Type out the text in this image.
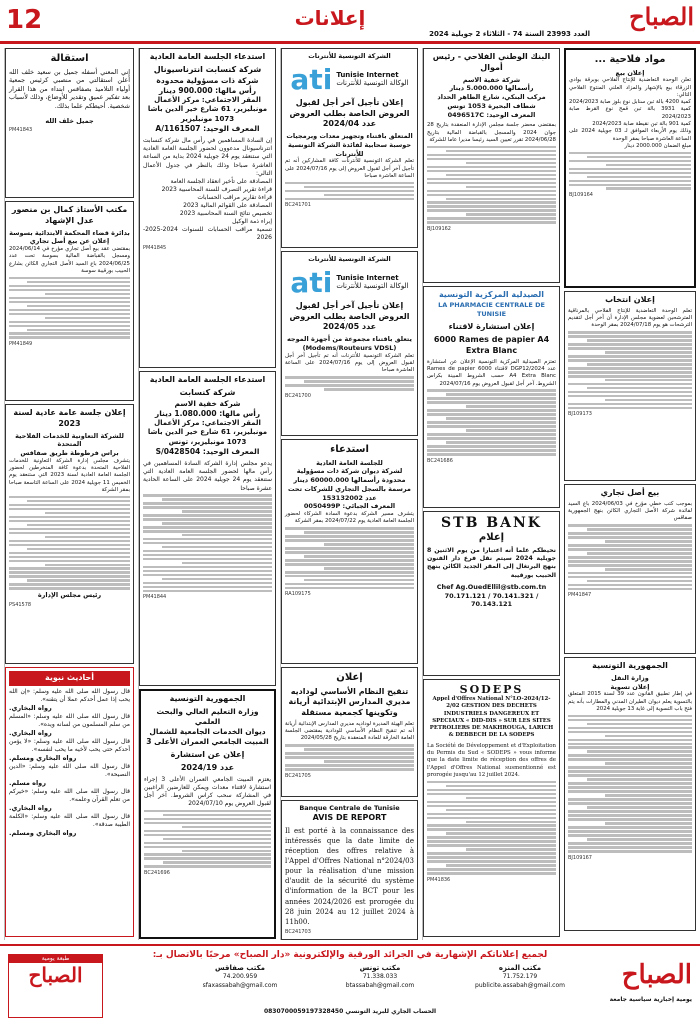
12	إعلانات	الصباح
العدد 23993 السنة 74 - الثلاثاء 2 جويلية 2024
مواد فلاحية ...
إعلان بيع
تعلن الوحدة التعاضدية للإنتاج الفلاحي بوبرقة بوادي الزرقاء بيع بالإشهار والمزاد العلني المنتوج الفلاحي التالي:
كمية 4200 بالة تبن سنابل نوع بلوز صابة 2024/2023
كمية 3931 بالة تبن قمح نوع القرط صابة 2024/2023
كمية 901 بالة تبن نقيطة صابة 2024/2023
وذلك يوم الأربعاء الموافق لـ 03 جويلية 2024 على الساعة العاشرة صباحا بمقر الوحدة
مبلغ الضمان 2000.000 دينار
BJ109164
إعلان انتخاب
تعلم الوحدة التعاضدية للإنتاج الفلاحي بالمرناقية المترشحين لعضوية مجلس الإدارة أن آخر أجل لتقديم الترشحات هو يوم 2024/07/18 بمقر الوحدة
BJ109173
بيع أصل تجاري
بموجب كتب خطي مؤرخ في 2024/06/03 باع السيد لفائدة شركة الأصل التجاري الكائن بنهج الجمهورية صفاقس
PM41847
الجمهورية التونسية
وزارة النقل
إعلان تسوية
في إطار تطبيق القانون عدد 39 لسنة 2015 المتعلق بالتسوية يعلم ديوان الطيران المدني والمطارات بأنه يتم فتح باب التسوية إلى غاية 13 جويلية 2024
BJ109167
البنك الوطني الفلاحي - رئيس أموال
شركة خفية الاسم
رأسمالها 5.000.000 دينار
مركب البنكي، شارع الطاهر الحداد شطاف البحيرة 1053 تونس
المعرف الوحيد: 0496517C
بمقتضى محضر جلسة مجلس الإدارة المنعقدة بتاريخ 28 جوان 2024 والمسجل بالقباضة المالية بتاريخ 2024/06/28 تقرر تعيين السيد رئيسا مديرا عاما للشركة
BJ109162
الصيدلية المركزية التونسية
LA PHARMACIE CENTRALE DE TUNISIE
إعلان استشارة لاقتناء
6000 Rames de papier A4 Extra Blanc
تعتزم الصيدلية المركزية التونسية الإعلان عن استشارة عدد 2024/DGP12 لاقتناء 6000 Rames de papier A4 Extra Blanc حسب الشروط المبينة بكراس الشروط. آخر أجل لقبول العروض يوم 2024/07/16
BC241686
STB BANK
إعلام
نحيطكم علما أنه اعتبارا من يوم الاثنين 8 جويلية 2024 سيتم نقل فرع دار الفنون بنهج البرتغال إلى المقر الجديد الكائن بنهج الحبيب بورقيبة
Chef Ag.OuedEllil@stb.com.tn
70.171.121 / 70.141.321 / 70.143.121
SODEPS
Appel d'Offres National N°LO-2024/12-2/02 GESTION DES DECHETS INDUSTRIELS DANGEREUX ET SPECIAUX « DID-DIS » SUR LES SITES PETROLIERS DE MAKHROUGA, LARICH & DEBBECH DE LA SODEPS
La Société de Développement et d'Exploitation du Permis du Sud « SODEPS » vous informe que la date limite de réception des offres de l'Appel d'Offres National susmentionné est prorogée jusqu'au 12 juillet 2024.
PM41836
الشركة التونسية للأنترنات
ati Tunisie Internet
الوكالة التونسية للأنترنات
إعلان تأجيل آخر أجل لقبول العروض الخاصة بطلب العروض عدد 2024/04
المتعلق باقتناء وتجهيز معدات وبرمجيات حوسبة سحابية لفائدة الشركة التونسية للأنترنات
تعلم الشركة التونسية للأنترنات كافة المشاركين أنه تم تأجيل آخر أجل لقبول العروض إلى يوم 2024/07/16 على الساعة العاشرة صباحا
BC241701
الشركة التونسية للأنترنات
ati Tunisie Internet
الوكالة التونسية للأنترنات
إعلان تأجيل آخر أجل لقبول العروض الخاصة بطلب العروض عدد 2024/05
يتعلق باقتناء مجموعة من أجهزة الموجه (Modems/Routeurs VDSL)
تعلم الشركة التونسية للأنترنات أنه تم تأجيل آخر أجل لقبول العروض إلى يوم 2024/07/16 على الساعة العاشرة صباحا
BC241700
استدعاء
للجلسة العامة العادية
لشركة ديوان شركة ذات مسؤولية محدودة رأسمالها 60000.000 دينار
مرسمة بالسجل التجاري للشركات تحت عدد 153132002
المعرف الجبائي: 0050499P
يتشرف مسير الشركة بدعوة السادة الشركاء لحضور الجلسة العامة العادية يوم 2024/07/22 بمقر الشركة
RA109175
إعلان
تنقيح النظام الأساسي لوداديه مديري المدارس الإبتدائية أريانة وتكوينها كجمعية مستقلة
تعلم الهيئة المديرة لوداديه مديري المدارس الإبتدائية أريانة أنه تم تنقيح النظام الأساسي للودادية بمقتضى الجلسة العامة الخارقة للعادة المنعقدة بتاريخ 2024/05/28
BC241705
Banque Centrale de Tunisie
AVIS DE REPORT
Il est porté à la connaissance des intéressés que la date limite de réception des offres relative à l'Appel d'Offres National n°2024/03 pour la réalisation d'une mission d'audit de la sécurité du système d'information de la BCT pour les années 2024/2026 est prorogée du 28 juin 2024 au 12 juillet 2024 à 11h00.
BC241703
استدعاء الجلسة العامة العادية
شركة كنسابت انترناسيونال
شركة ذات مسؤولية محدودة
رأس مالها: 900.000 دينار
المقر الاجتماعي: مركز الأعمال مونبليزير، 61 شارع خير الدين باشا 1073 مونبليزير
المعرف الوحيد: 1161507/A
إن السادة المساهمين في رأس مال شركة كنسابت انترناسيونال مدعوون لحضور الجلسة العامة العادية التي ستنعقد يوم 24 جويلية 2024 بداية من الساعة العاشرة صباحا وذلك بالنظر في جدول الأعمال التالي:
المصادقة على تأخير انعقاد الجلسة العامة
قراءة تقرير التصرف للسنة المحاسبية 2023
قراءة تقارير مراقب الحسابات
المصادقة على القوائم المالية 2023
تخصيص نتائج السنة المحاسبية 2023
إبراء ذمة الوكيل
تسمية مراقب الحسابات للسنوات 2024-2025-2026
PM41845
استدعاء الجلسة العامة العادية
شركة كنسابت
شركة خفية الاسم
رأس مالها: 1.080.000 دينار
المقر الاجتماعي: مركز الأعمال مونبليزير، 61 شارع خير الدين باشا 1073 مونبليزير، تونس
المعرف الوحيد: 0428504/S
يدعو مجلس إدارة الشركة السادة المساهمين في رأس مالها لحضور الجلسة العامة العادية التي ستنعقد يوم 24 جويلية 2024 على الساعة الحادية عشرة صباحا
PM41844
الجمهورية التونسية
وزارة التعليم العالي والبحث العلمي
ديوان الخدمات الجامعية للشمال
المبيت الجامعي العمران الأعلى 3
إعلان عن استشارة
عدد 2024/19
يعتزم المبيت الجامعي العمران الأعلى 3 إجراء استشارة لاقتناء معدات ويمكن للعارضين الراغبين في المشاركة سحب كراس الشروط. آخر أجل لقبول العروض يوم 2024/07/10
BC241696
استقالة
إني المعني أسفله جميل بن سعيد خلف الله أعلن استقالتي من منصبي كرئيس جمعية أولياء التلاميذ بصفاقس ابتداء من هذا القرار بعد تفكير عميق وتقدير للأوضاع، وذلك لأسباب شخصية. أحيطكم علما بذلك.
جميل خلف الله
PM41843
مكتب الأستاذ كمال بن منصور عدل الإشهاد
بدائرة قضاء المحكمة الابتدائية بسوسة
إعلان عن بيع أصل تجاري
بمقتضى عقد بيع أصل تجاري مؤرخ في 2024/06/14 ومسجل بالقباضة المالية بسوسة تحت عدد 2024/06/25 باع السيد الأصل التجاري الكائن بشارع الحبيب بورقيبة سوسة
PM41849
إعلان جلسة عامة عادية لسنة 2023
للشركة التعاونية للخدمات الفلاحية المتحدة
براس فرطوطة طريق صفاقس
يتشرف مجلس إدارة الشركة التعاونية للخدمات الفلاحية المتحدة بدعوة كافة المنخرطين لحضور الجلسة العامة العادية لسنة 2023 التي ستنعقد يوم الخميس 11 جويلية 2024 على الساعة التاسعة صباحا بمقر الشركة
رئيس مجلس الإدارة
PS41578
أحاديث نبوية
قال رسول الله صلى الله عليه وسلم: «إن الله يحب إذا عمل أحدكم عملا أن يتقنه».
رواه البخاري.
قال رسول الله صلى الله عليه وسلم: «المسلم من سلم المسلمون من لسانه ويده».
رواه البخاري.
قال رسول الله صلى الله عليه وسلم: «لا يؤمن أحدكم حتى يحب لأخيه ما يحب لنفسه».
رواه البخاري ومسلم.
قال رسول الله صلى الله عليه وسلم: «الدين النصيحة».
رواه مسلم.
قال رسول الله صلى الله عليه وسلم: «خيركم من تعلم القرآن وعلمه».
رواه البخاري.
قال رسول الله صلى الله عليه وسلم: «الكلمة الطيبة صدقة».
رواه البخاري ومسلم.
لجميع إعلاناتكم الإشهارية في الجرائد الورقية والإلكترونية «دار الصباح» مرحبًا بالاتصال بـ:
الصباح
يومية إخبارية سياسية جامعة
مكتب المنزه
71.752.179
publicite.assabah@gmail.com
مكتب تونس
71.338.033
btassabah@gmail.com
مكتب صفاقس
74.200.959
sfaxassabah@gmail.com
الحساب الجاري للبريد التونسي 0830700059197328450
طبعة يومية
الصباح
